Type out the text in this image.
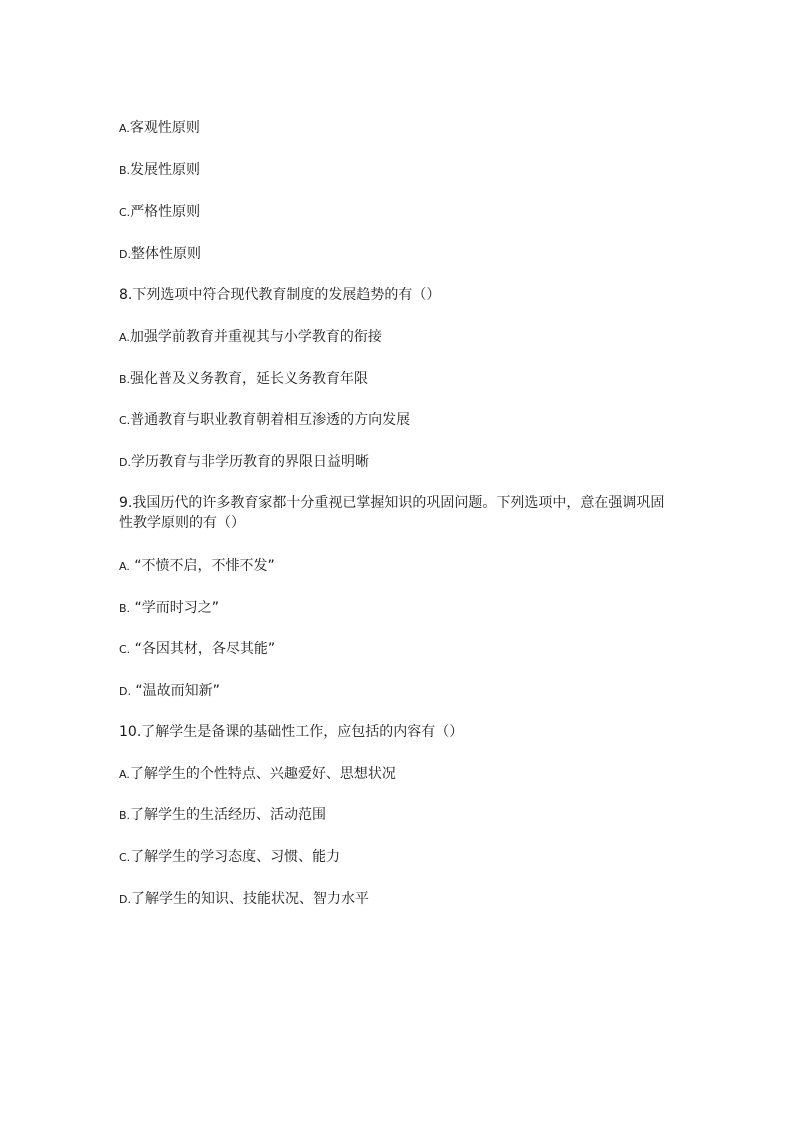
A.客观性原则
B.发展性原则
C.严格性原则
D.整体性原则
8.下列选项中符合现代教育制度的发展趋势的有（）
A.加强学前教育并重视其与小学教育的衔接
B.强化普及义务教育，延长义务教育年限
C.普通教育与职业教育朝着相互渗透的方向发展
D.学历教育与非学历教育的界限日益明晰
9.我国历代的许多教育家都十分重视已掌握知识的巩固问题。下列选项中，意在强调巩固
性教学原则的有（）
A. “不愤不启，不悱不发”
B. “学而时习之”
C. “各因其材，各尽其能”
D. “温故而知新”
10.了解学生是备课的基础性工作，应包括的内容有（）
A.了解学生的个性特点、兴趣爱好、思想状况
B.了解学生的生活经历、活动范围
C.了解学生的学习态度、习惯、能力
D.了解学生的知识、技能状况、智力水平
